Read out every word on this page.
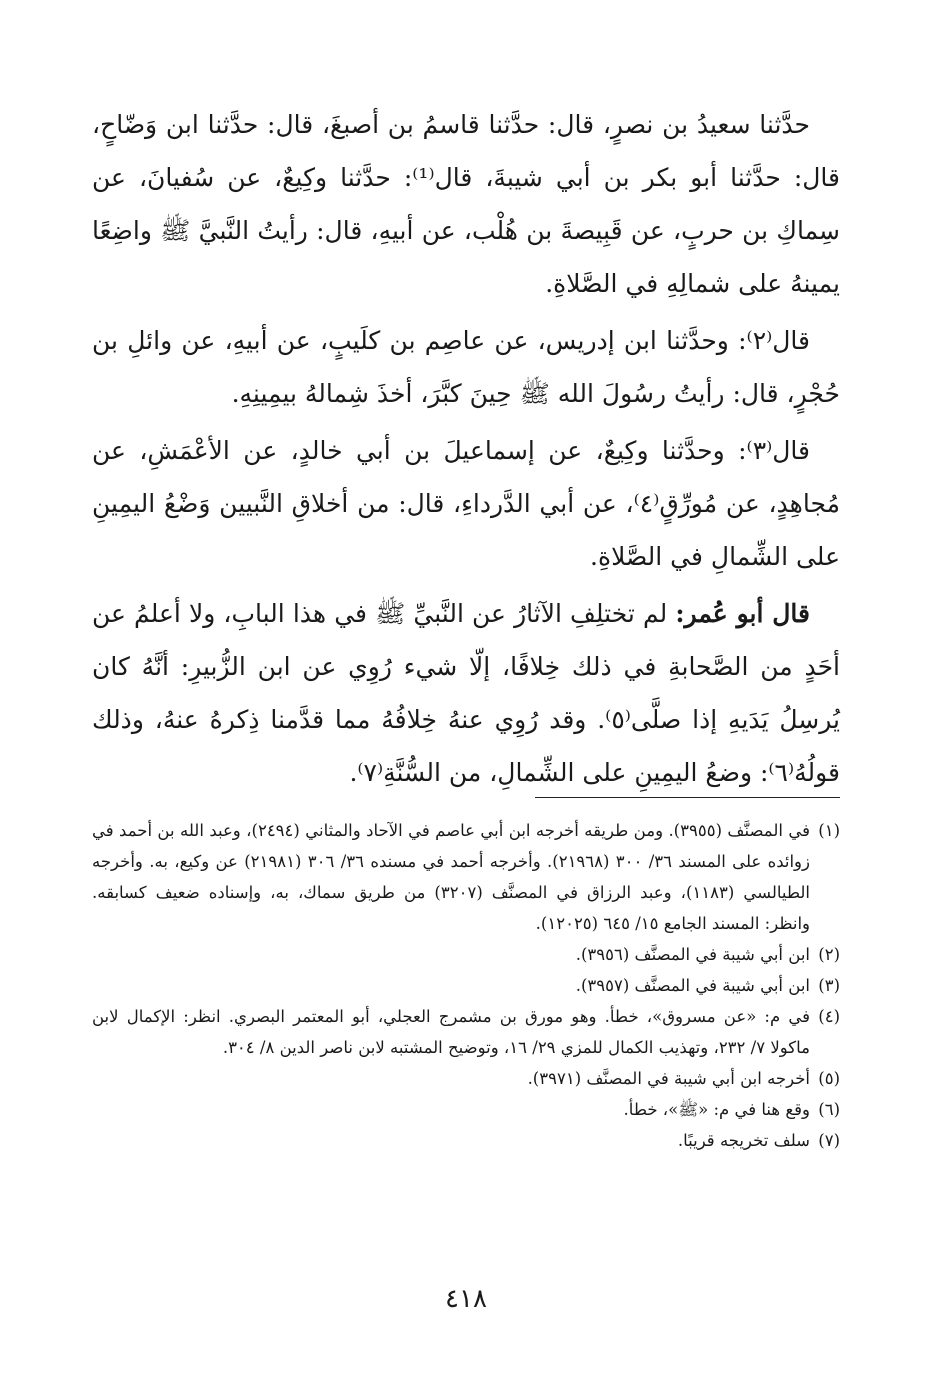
حدَّثنا سعيدُ بن نصرٍ، قال: حدَّثنا قاسمُ بن أصبغَ، قال: حدَّثنا ابن وَضّاحٍ، قال: حدَّثنا أبو بكر بن أبي شيبةَ، قال⁽¹⁾: حدَّثنا وكِيعٌ، عن سُفيانَ، عن سِماكِ بن حربٍ، عن قَبِيصةَ بن هُلْب، عن أبيهِ، قال: رأيتُ النَّبيَّ ﷺ واضِعًا يمينهُ على شمالِهِ في الصَّلاةِ.

قال⁽٢⁾: وحدَّثنا ابن إدريس، عن عاصِم بن كلَيبٍ، عن أبيهِ، عن وائلِ بن حُجْرٍ، قال: رأيتُ رسُولَ الله ﷺ حِينَ كبَّرَ، أخذَ شِمالهُ بيمِينِهِ.

قال⁽٣⁾: وحدَّثنا وكِيعٌ، عن إسماعيلَ بن أبي خالدٍ، عن الأعْمَشِ، عن مُجاهِدٍ، عن مُورِّقٍ⁽٤⁾، عن أبي الدَّرداءِ، قال: من أخلاقِ النَّبيين وَضْعُ اليمِينِ على الشِّمالِ في الصَّلاةِ.

قال أبو عُمر: لم تختلِفِ الآثارُ عن النَّبيِّ ﷺ في هذا البابِ، ولا أعلمُ عن أحَدٍ من الصَّحابةِ في ذلك خِلافًا، إلّا شيء رُوِي عن ابن الزُّبيرِ: أنَّهُ كان يُرسِلُ يَدَيهِ إذا صلَّى⁽٥⁾. وقد رُوِي عنهُ خِلافُهُ مما قدَّمنا ذِكرهُ عنهُ، وذلك قولُهُ⁽٦⁾: وضعُ اليمِينِ على الشِّمالِ، من السُّنَّةِ⁽٧⁾.

(١)
في المصنَّف (٣٩٥٥). ومن طريقه أخرجه ابن أبي عاصم في الآحاد والمثاني (٢٤٩٤)، وعبد الله بن أحمد في زوائده على المسند ٣٦/ ٣٠٠ (٢١٩٦٨). وأخرجه أحمد في مسنده ٣٦/ ٣٠٦ (٢١٩٨١) عن وكيع، به. وأخرجه الطيالسي (١١٨٣)، وعبد الرزاق في المصنَّف (٣٢٠٧) من طريق سماك، به، وإسناده ضعيف كسابقه. وانظر: المسند الجامع ١٥/ ٦٤٥ (١٢٠٢٥).

(٢)
ابن أبي شيبة في المصنَّف (٣٩٥٦).

(٣)
ابن أبي شيبة في المصنَّف (٣٩٥٧).

(٤)
في م: «عن مسروق»، خطأ. وهو مورق بن مشمرج العجلي، أبو المعتمر البصري. انظر: الإكمال لابن ماكولا ٧/ ٢٣٢، وتهذيب الكمال للمزي ٢٩/ ١٦، وتوضيح المشتبه لابن ناصر الدين ٨/ ٣٠٤.

(٥)
أخرجه ابن أبي شيبة في المصنَّف (٣٩٧١).

(٦)
وقع هنا في م: «ﷺ»، خطأ.

(٧)
سلف تخريجه قريبًا.

٤١٨
